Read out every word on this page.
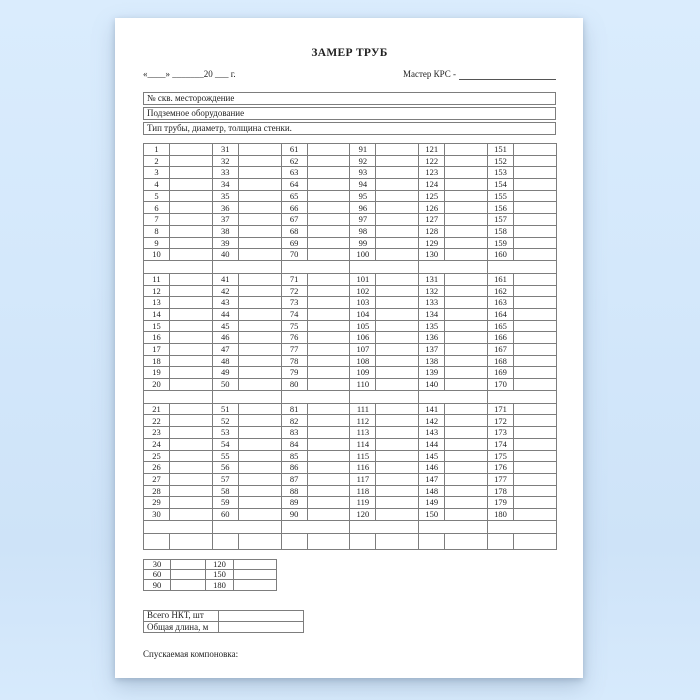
ЗАМЕР ТРУБ
«____» _______20 ___ г.	Мастер КРС -
№ скв. месторождение
Подземное оборудование
Тип трубы, диаметр, толщина стенки.
1		31		61		91		121		151	
2		32		62		92		122		152	
3		33		63		93		123		153	
4		34		64		94		124		154	
5		35		65		95		125		155	
6		36		66		96		126		156	
7		37		67		97		127		157	
8		38		68		98		128		158	
9		39		69		99		129		159	
10		40		70		100		130		160	

11		41		71		101		131		161	
12		42		72		102		132		162	
13		43		73		103		133		163	
14		44		74		104		134		164	
15		45		75		105		135		165	
16		46		76		106		136		166	
17		47		77		107		137		167	
18		48		78		108		138		168	
19		49		79		109		139		169	
20		50		80		110		140		170	

21		51		81		111		141		171	
22		52		82		112		142		172	
23		53		83		113		143		173	
24		54		84		114		144		174	
25		55		85		115		145		175	
26		56		86		116		146		176	
27		57		87		117		147		177	
28		58		88		118		148		178	
29		59		89		119		149		179	
30		60		90		120		150		180	

30		120	
60		150	
90		180	
Всего НКТ, шт	
Общая длина, м	
Спускаемая компоновка:
